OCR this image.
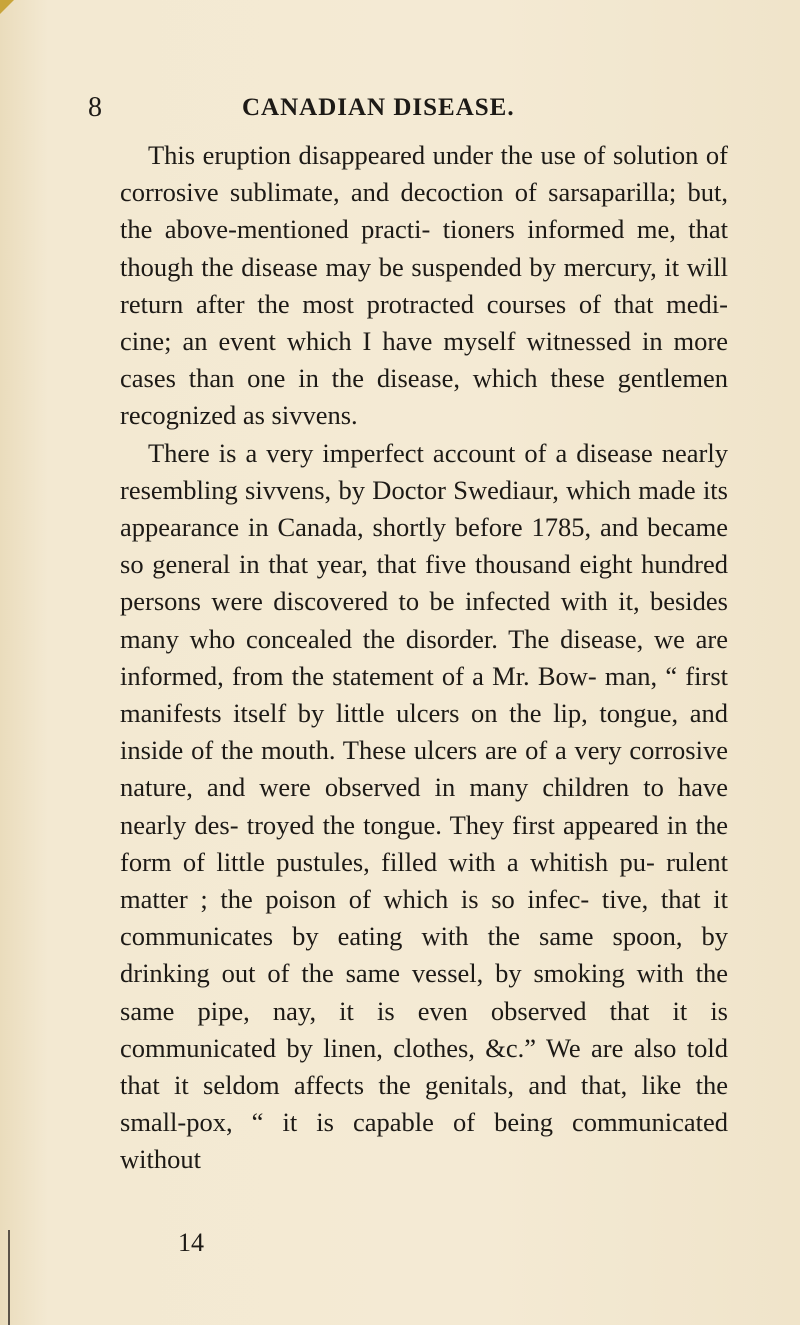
8	CANADIAN DISEASE.

This eruption disappeared under the use of solution of corrosive sublimate, and decoction of sarsaparilla; but, the above-mentioned practi- tioners informed me, that though the disease may be suspended by mercury, it will return after the most protracted courses of that medi- cine; an event which I have myself witnessed in more cases than one in the disease, which these gentlemen recognized as sivvens.

There is a very imperfect account of a disease nearly resembling sivvens, by Doctor Swediaur, which made its appearance in Canada, shortly before 1785, and became so general in that year, that five thousand eight hundred persons were discovered to be infected with it, besides many who concealed the disorder. The disease, we are informed, from the statement of a Mr. Bow- man, “ first manifests itself by little ulcers on the lip, tongue, and inside of the mouth. These ulcers are of a very corrosive nature, and were observed in many children to have nearly des- troyed the tongue. They first appeared in the form of little pustules, filled with a whitish pu- rulent matter ; the poison of which is so infec- tive, that it communicates by eating with the same spoon, by drinking out of the same vessel, by smoking with the same pipe, nay, it is even observed that it is communicated by linen, clothes, &c.” We are also told that it seldom affects the genitals, and that, like the small-pox, “ it is capable of being communicated without

14
